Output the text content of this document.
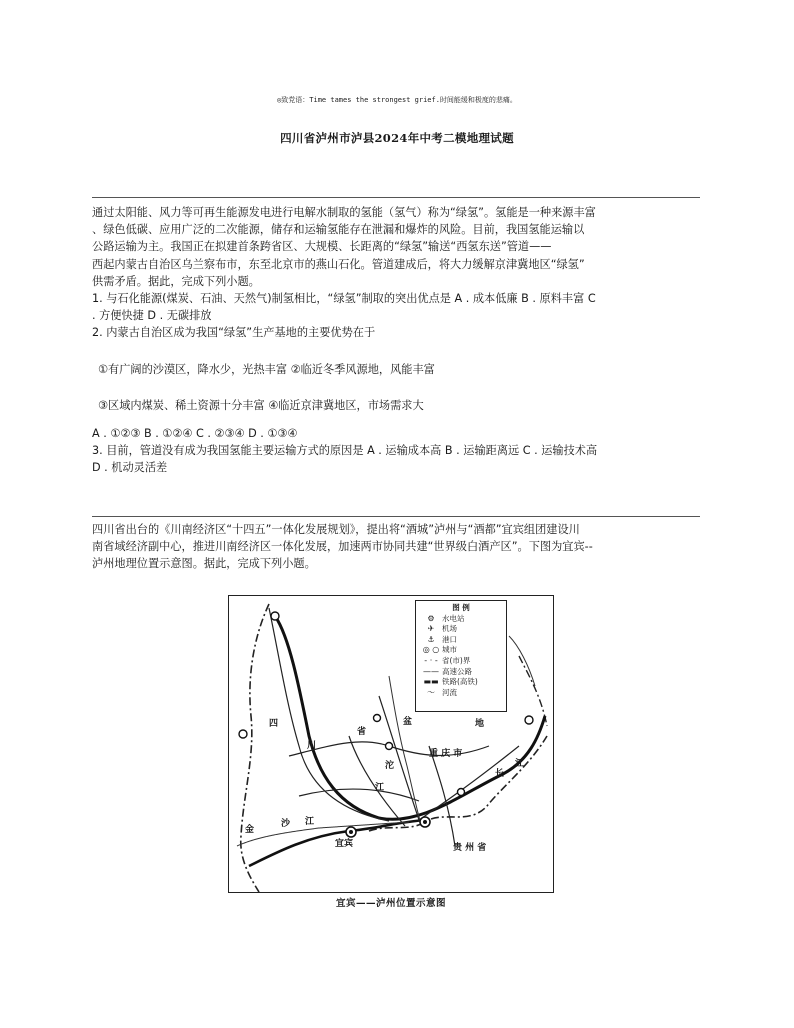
◎致党语：Time tames the strongest grief.时间能缓和极度的悲痛。
四川省泸州市泸县2024年中考二模地理试题

通过太阳能、风力等可再生能源发电进行电解水制取的氢能（氢气）称为“绿氢”。氢能是一种来源丰富

、绿色低碳、应用广泛的二次能源，储存和运输氢能存在泄漏和爆炸的风险。目前，我国氢能运输以

公路运输为主。我国正在拟建首条跨省区、大规模、长距离的“绿氢”输送“西氢东送”管道——

西起内蒙古自治区乌兰察布市，东至北京市的燕山石化。管道建成后，将大力缓解京津冀地区“绿氢”

供需矛盾。据此，完成下列小题。

1. 与石化能源(煤炭、石油、天然气)制氢相比，“绿氢”制取的突出优点是 A . 成本低廉 B . 原料丰富 C

. 方便快捷 D . 无碳排放

2. 内蒙古自治区成为我国“绿氢”生产基地的主要优势在于

①有广阔的沙漠区，降水少，光热丰富 ②临近冬季风源地，风能丰富

③区域内煤炭、稀土资源十分丰富 ④临近京津冀地区，市场需求大

A . ①②③ B . ①②④ C . ②③④ D . ①③④

3. 目前，管道没有成为我国氢能主要运输方式的原因是 A . 运输成本高 B . 运输距离远 C . 运输技术高

D . 机动灵活差

四川省出台的《川南经济区“十四五”一体化发展规划》，提出将“酒城”泸州与“酒都”宜宾组团建设川

南省域经济副中心，推进川南经济区一体化发展，加速两市协同共建“世界级白酒产区”。下图为宜宾--

泸州地理位置示意图。据此，完成下列小题。

图 例
⚙ 水电站
✈	机场
⚓ 港口
◎ ○ 城市
- · - 省(市)界
—— 高速公路
▬▬ 铁路(高铁)
～ 河流
四
川
省
盆	地
重 庆 市
贵 州 省
金
沙 江
江
沱
宜宾
长
江
宜宾——泸州位置示意图
